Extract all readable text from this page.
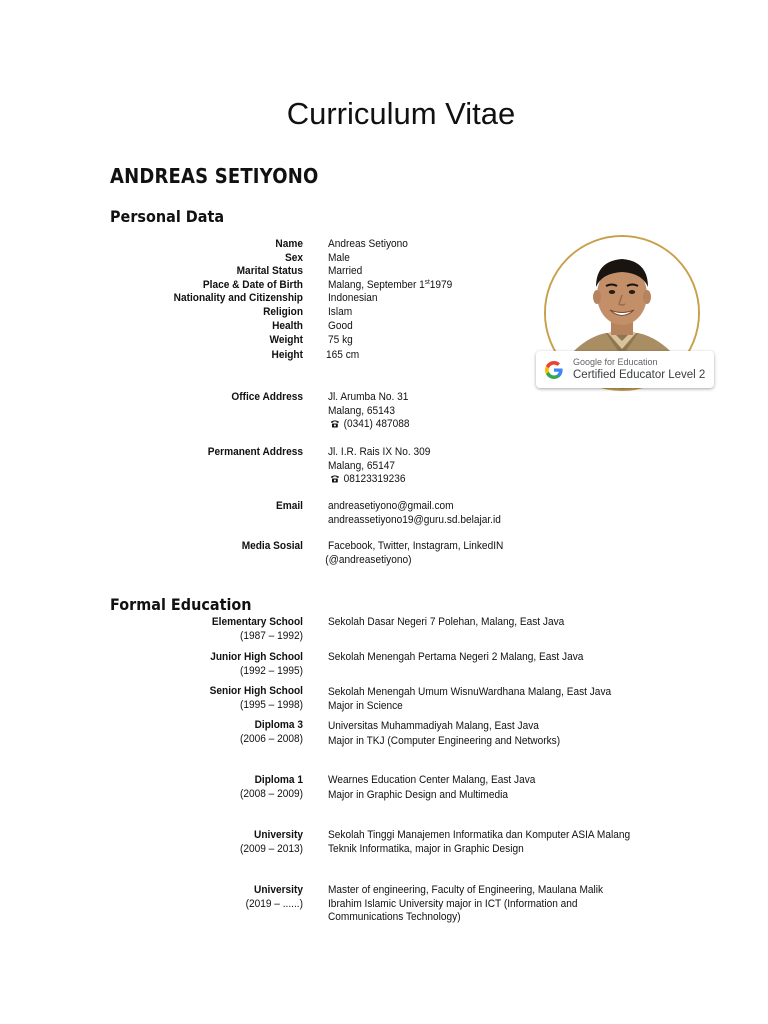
Curriculum Vitae
ANDREAS SETIYONO
Personal Data
Name Andreas Setiyono
Sex Male
Marital Status Married
Place & Date of Birth Malang, September 1st1979
Nationality and Citizenship Indonesian
Religion Islam
Health Good
Weight 75 kg
Height 165 cm
Office Address Jl. Arumba No. 31
Malang, 65143
(0341) 487088
Permanent Address Jl. I.R. Rais IX No. 309
Malang, 65147
08123319236
Email andreasetiyono@gmail.com
andreassetiyono19@guru.sd.belajar.id
Media Sosial Facebook, Twitter, Instagram, LinkedIN
(@andreasetiyono)
Google for Education
Certified Educator Level 2
Formal Education
Elementary School
(1987 – 1992)
Sekolah Dasar Negeri 7 Polehan, Malang, East Java
Junior High School
(1992 – 1995)
Sekolah Menengah Pertama Negeri 2 Malang, East Java
Senior High School
(1995 – 1998)
Sekolah Menengah Umum WisnuWardhana Malang, East Java
Major in Science
Diploma 3
(2006 – 2008)
Universitas Muhammadiyah Malang, East Java
Major in TKJ (Computer Engineering and Networks)
Diploma 1
(2008 – 2009)
Wearnes Education Center Malang, East Java
Major in Graphic Design and Multimedia
University
(2009 – 2013)
Sekolah Tinggi Manajemen Informatika dan Komputer ASIA Malang
Teknik Informatika, major in Graphic Design
University
(2019 – ......)
Master of engineering, Faculty of Engineering, Maulana Malik
Ibrahim Islamic University major in ICT (Information and
Communications Technology)
